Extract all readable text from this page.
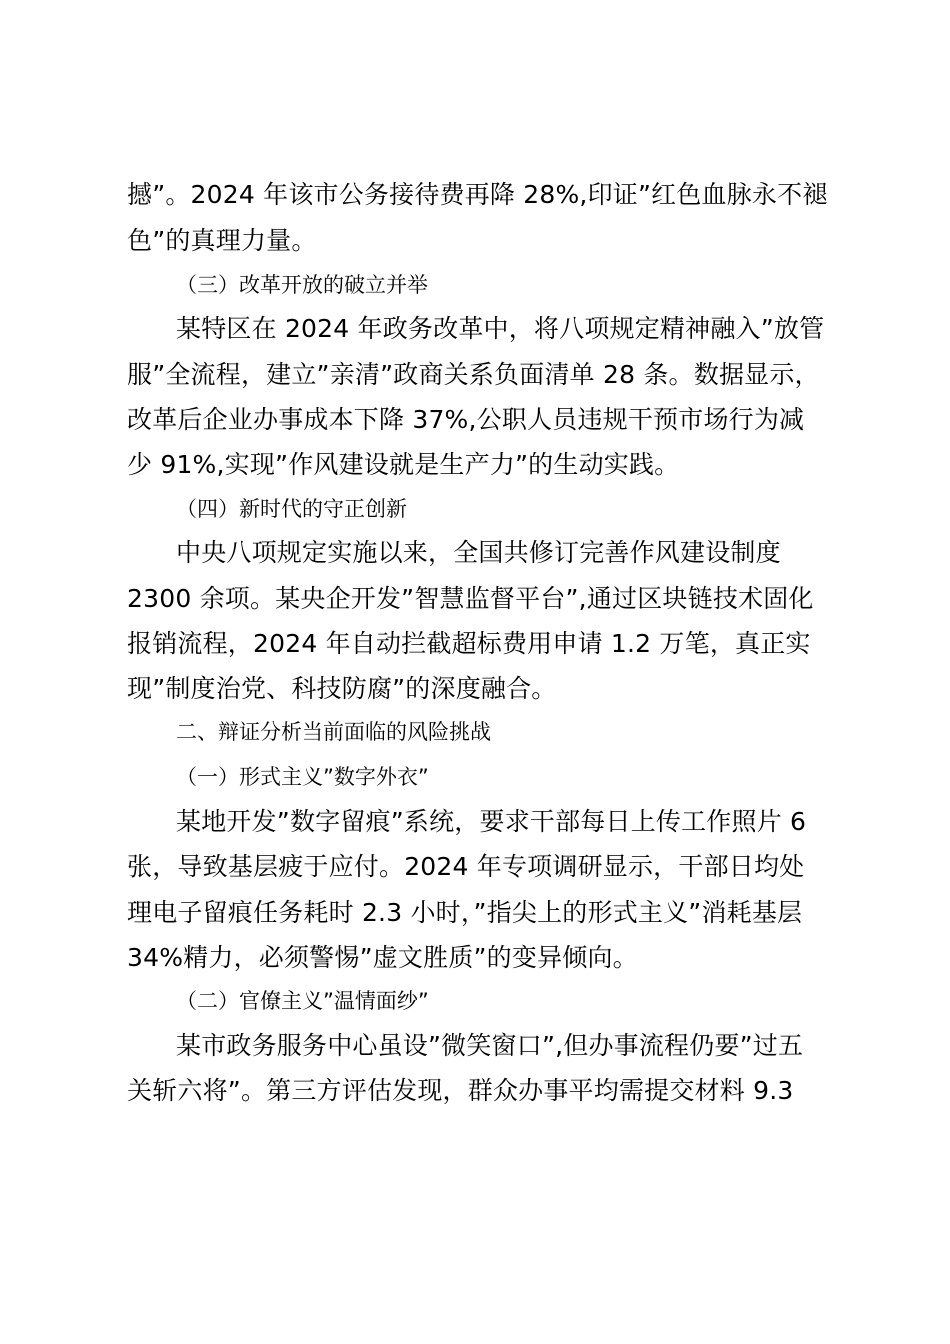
撼”。2024 年该市公务接待费再降 28%,印证”红色血脉永不褪
色”的真理力量。
（三）改革开放的破立并举
某特区在 2024 年政务改革中，将八项规定精神融入”放管
服”全流程，建立”亲清”政商关系负面清单 28 条。数据显示，
改革后企业办事成本下降 37%,公职人员违规干预市场行为减
少 91%,实现”作风建设就是生产力”的生动实践。
（四）新时代的守正创新
中央八项规定实施以来，全国共修订完善作风建设制度
2300 余项。某央企开发”智慧监督平台”,通过区块链技术固化
报销流程，2024 年自动拦截超标费用申请 1.2 万笔，真正实
现”制度治党、科技防腐”的深度融合。
二、辩证分析当前面临的风险挑战
（一）形式主义”数字外衣”
某地开发”数字留痕”系统，要求干部每日上传工作照片 6
张，导致基层疲于应付。2024 年专项调研显示，干部日均处
理电子留痕任务耗时 2.3 小时，”指尖上的形式主义”消耗基层
34%精力，必须警惕”虚文胜质”的变异倾向。
（二）官僚主义”温情面纱”
某市政务服务中心虽设”微笑窗口”,但办事流程仍要”过五
关斩六将”。第三方评估发现，群众办事平均需提交材料 9.3
